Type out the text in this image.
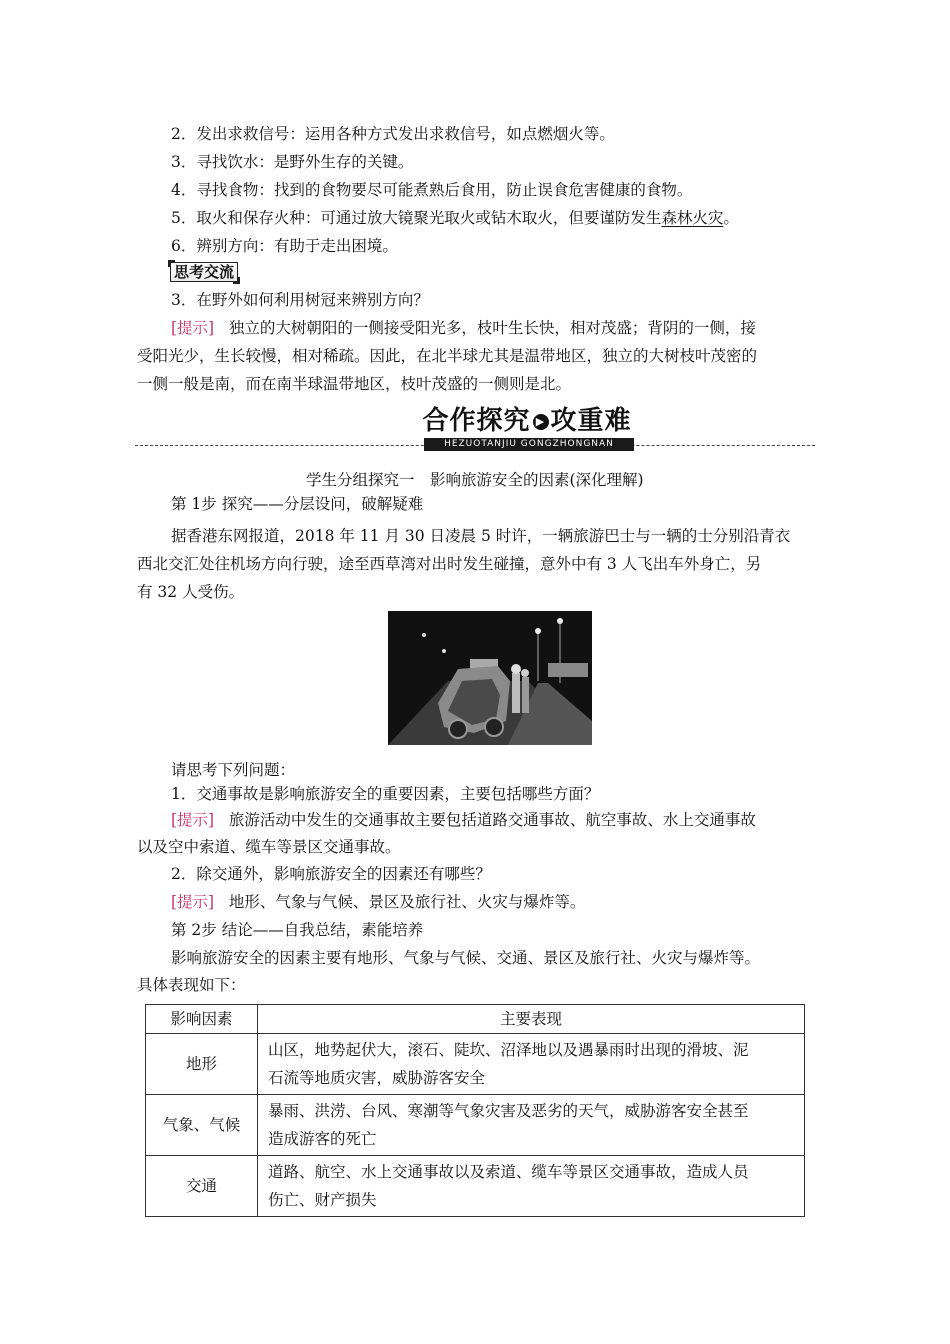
2．发出求救信号：运用各种方式发出求救信号，如点燃烟火等。
3．寻找饮水：是野外生存的关键。
4．寻找食物：找到的食物要尽可能煮熟后食用，防止误食危害健康的食物。
5．取火和保存火种：可通过放大镜聚光取火或钻木取火，但要谨防发生森林火灾。
6．辨别方向：有助于走出困境。
思考交流
3．在野外如何利用树冠来辨别方向？
[提示] 独立的大树朝阳的一侧接受阳光多，枝叶生长快，相对茂盛；背阴的一侧，接
受阳光少，生长较慢，相对稀疏。因此，在北半球尤其是温带地区，独立的大树枝叶茂密的
一侧一般是南，而在南半球温带地区，枝叶茂盛的一侧则是北。
合作探究 ▶ 攻重难
HEZUOTANJIU GONGZHONGNAN
学生分组探究一　影响旅游安全的因素(深化理解)
第 1步 探究——分层设问，破解疑难
据香港东网报道，2018 年 11 月 30 日凌晨 5 时许，一辆旅游巴士与一辆的士分别沿青衣
西北交汇处往机场方向行驶，途至西草湾对出时发生碰撞，意外中有 3 人飞出车外身亡，另
有 32 人受伤。
请思考下列问题：
1．交通事故是影响旅游安全的重要因素，主要包括哪些方面？
[提示] 旅游活动中发生的交通事故主要包括道路交通事故、航空事故、水上交通事故
以及空中索道、缆车等景区交通事故。
2．除交通外，影响旅游安全的因素还有哪些？
[提示] 地形、气象与气候、景区及旅行社、火灾与爆炸等。
第 2步 结论——自我总结，素能培养
影响旅游安全的因素主要有地形、气象与气候、交通、景区及旅行社、火灾与爆炸等。
具体表现如下：
影响因素	主要表现
地形	山区，地势起伏大，滚石、陡坎、沼泽地以及遇暴雨时出现的滑坡、泥
石流等地质灾害，威胁游客安全

气象、气候	暴雨、洪涝、台风、寒潮等气象灾害及恶劣的天气，威胁游客安全甚至
造成游客的死亡

交通	道路、航空、水上交通事故以及索道、缆车等景区交通事故，造成人员
伤亡、财产损失
